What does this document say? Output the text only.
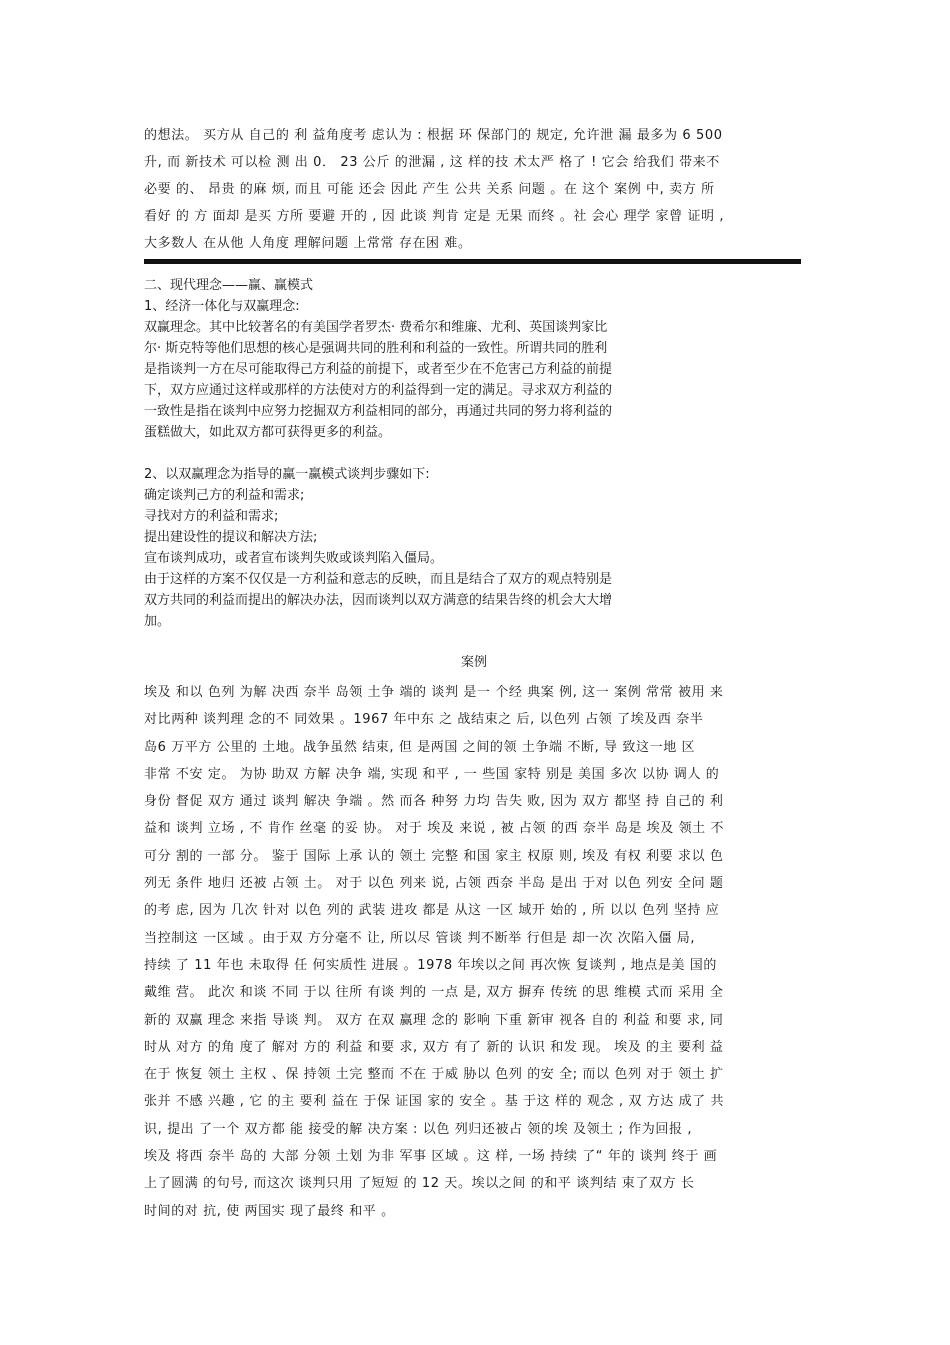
的想法。 买方从 自己的 利 益角度考 虑认为 : 根据 环 保部门的 规定, 允许泄 漏 最多为 6 500
升, 而 新技术 可以检 测 出 0． 23 公斤 的泄漏 , 这 样的技 术太严 格了 ! 它会 给我们 带来不
必要 的、 昂贵 的麻 烦, 而且 可能 还会 因此 产生 公共 关系 问题 。在 这个 案例 中, 卖方 所
看好 的 方 面却 是买 方所 要避 开的 , 因 此谈 判肯 定是 无果 而终 。社 会心 理学 家曾 证明 ,
大多数人 在从他 人角度 理解问题 上常常 存在困 难。

二、现代理念——赢、赢模式

1、经济一体化与双赢理念:

双赢理念。其中比较著名的有美国学者罗杰· 费希尔和维廉、尤利、英国谈判家比

尔· 斯克特等他们思想的核心是强调共同的胜利和利益的一致性。所谓共同的胜利

是指谈判一方在尽可能取得己方利益的前提下，或者至少在不危害己方利益的前提

下，双方应通过这样或那样的方法使对方的利益得到一定的满足。寻求双方利益的

一致性是指在谈判中应努力挖掘双方利益相同的部分，再通过共同的努力将利益的

蛋糕做大，如此双方都可获得更多的利益。

2、以双赢理念为指导的赢一赢模式谈判步骤如下:

确定谈判己方的利益和需求;

寻找对方的利益和需求;

提出建设性的提议和解决方法;

宣布谈判成功，或者宣布谈判失败或谈判陷入僵局。

由于这样的方案不仅仅是一方利益和意志的反映，而且是结合了双方的观点特别是

双方共同的利益而提出的解决办法，因而谈判以双方满意的结果告终的机会大大增

加。

案例
埃及 和以 色列 为解 决西 奈半 岛领 土争 端的 谈判 是一 个经 典案 例, 这一 案例 常常 被用 来
对比两种 谈判理 念的不 同效果 。1967 年中东 之 战结束之 后, 以色列 占领 了埃及西 奈半
岛6 万平方 公里的 土地。战争虽然 结束, 但 是两国 之间的领 土争端 不断, 导 致这一地 区
非常 不安 定。 为协 助双 方解 决争 端, 实现 和平 , 一 些国 家特 别是 美国 多次 以协 调人 的
身份 督促 双方 通过 谈判 解决 争端 。然 而各 种努 力均 告失 败, 因为 双方 都坚 持 自己的 利
益和 谈判 立场 , 不 肯作 丝毫 的妥 协。 对于 埃及 来说 , 被 占领 的西 奈半 岛是 埃及 领土 不
可分 割的 一部 分。 鉴于 国际 上承 认的 领土 完整 和国 家主 权原 则, 埃及 有权 利要 求以 色
列无 条件 地归 还被 占领 土。 对于 以色 列来 说, 占领 西奈 半岛 是出 于对 以色 列安 全问 题
的考 虑, 因为 几次 针对 以色 列的 武装 进攻 都是 从这 一区 域开 始的 , 所 以以 色列 坚持 应
当控制这 一区域 。由于双 方分毫不 让, 所以尽 管谈 判不断举 行但是 却一次 次陷入僵 局,
持续 了 11 年也 未取得 任 何实质性 进展 。1978 年埃以之间 再次恢 复谈判 , 地点是美 国的
戴维 营。 此次 和谈 不同 于以 往所 有谈 判的 一点 是, 双方 摒弃 传统 的思 维模 式而 采用 全
新的 双赢 理念 来指 导谈 判。 双方 在双 赢理 念的 影响 下重 新审 视各 自的 利益 和要 求, 同
时从 对方 的角 度了 解对 方的 利益 和要 求, 双方 有了 新的 认识 和发 现。 埃及 的主 要利 益
在于 恢复 领土 主权 、保 持领 土完 整而 不在 于威 胁以 色列 的安 全; 而以 色列 对于 领土 扩
张并 不感 兴趣 , 它 的主 要利 益在 于保 证国 家的 安全 。基 于这 样的 观念 , 双 方达 成了 共
识, 提出 了一个 双方都 能 接受的解 决方案 : 以色 列归还被占 领的埃 及领土 ; 作为回报 ,
埃及 将西 奈半 岛的 大部 分领 土划 为非 军事 区域 。这 样, 一场 持续 了“ 年的 谈判 终于 画
上了圆满 的句号, 而这次 谈判只用 了短短 的 12 天。埃以之间 的和平 谈判结 束了双方 长
时间的对 抗, 使 两国实 现了最终 和平 。
